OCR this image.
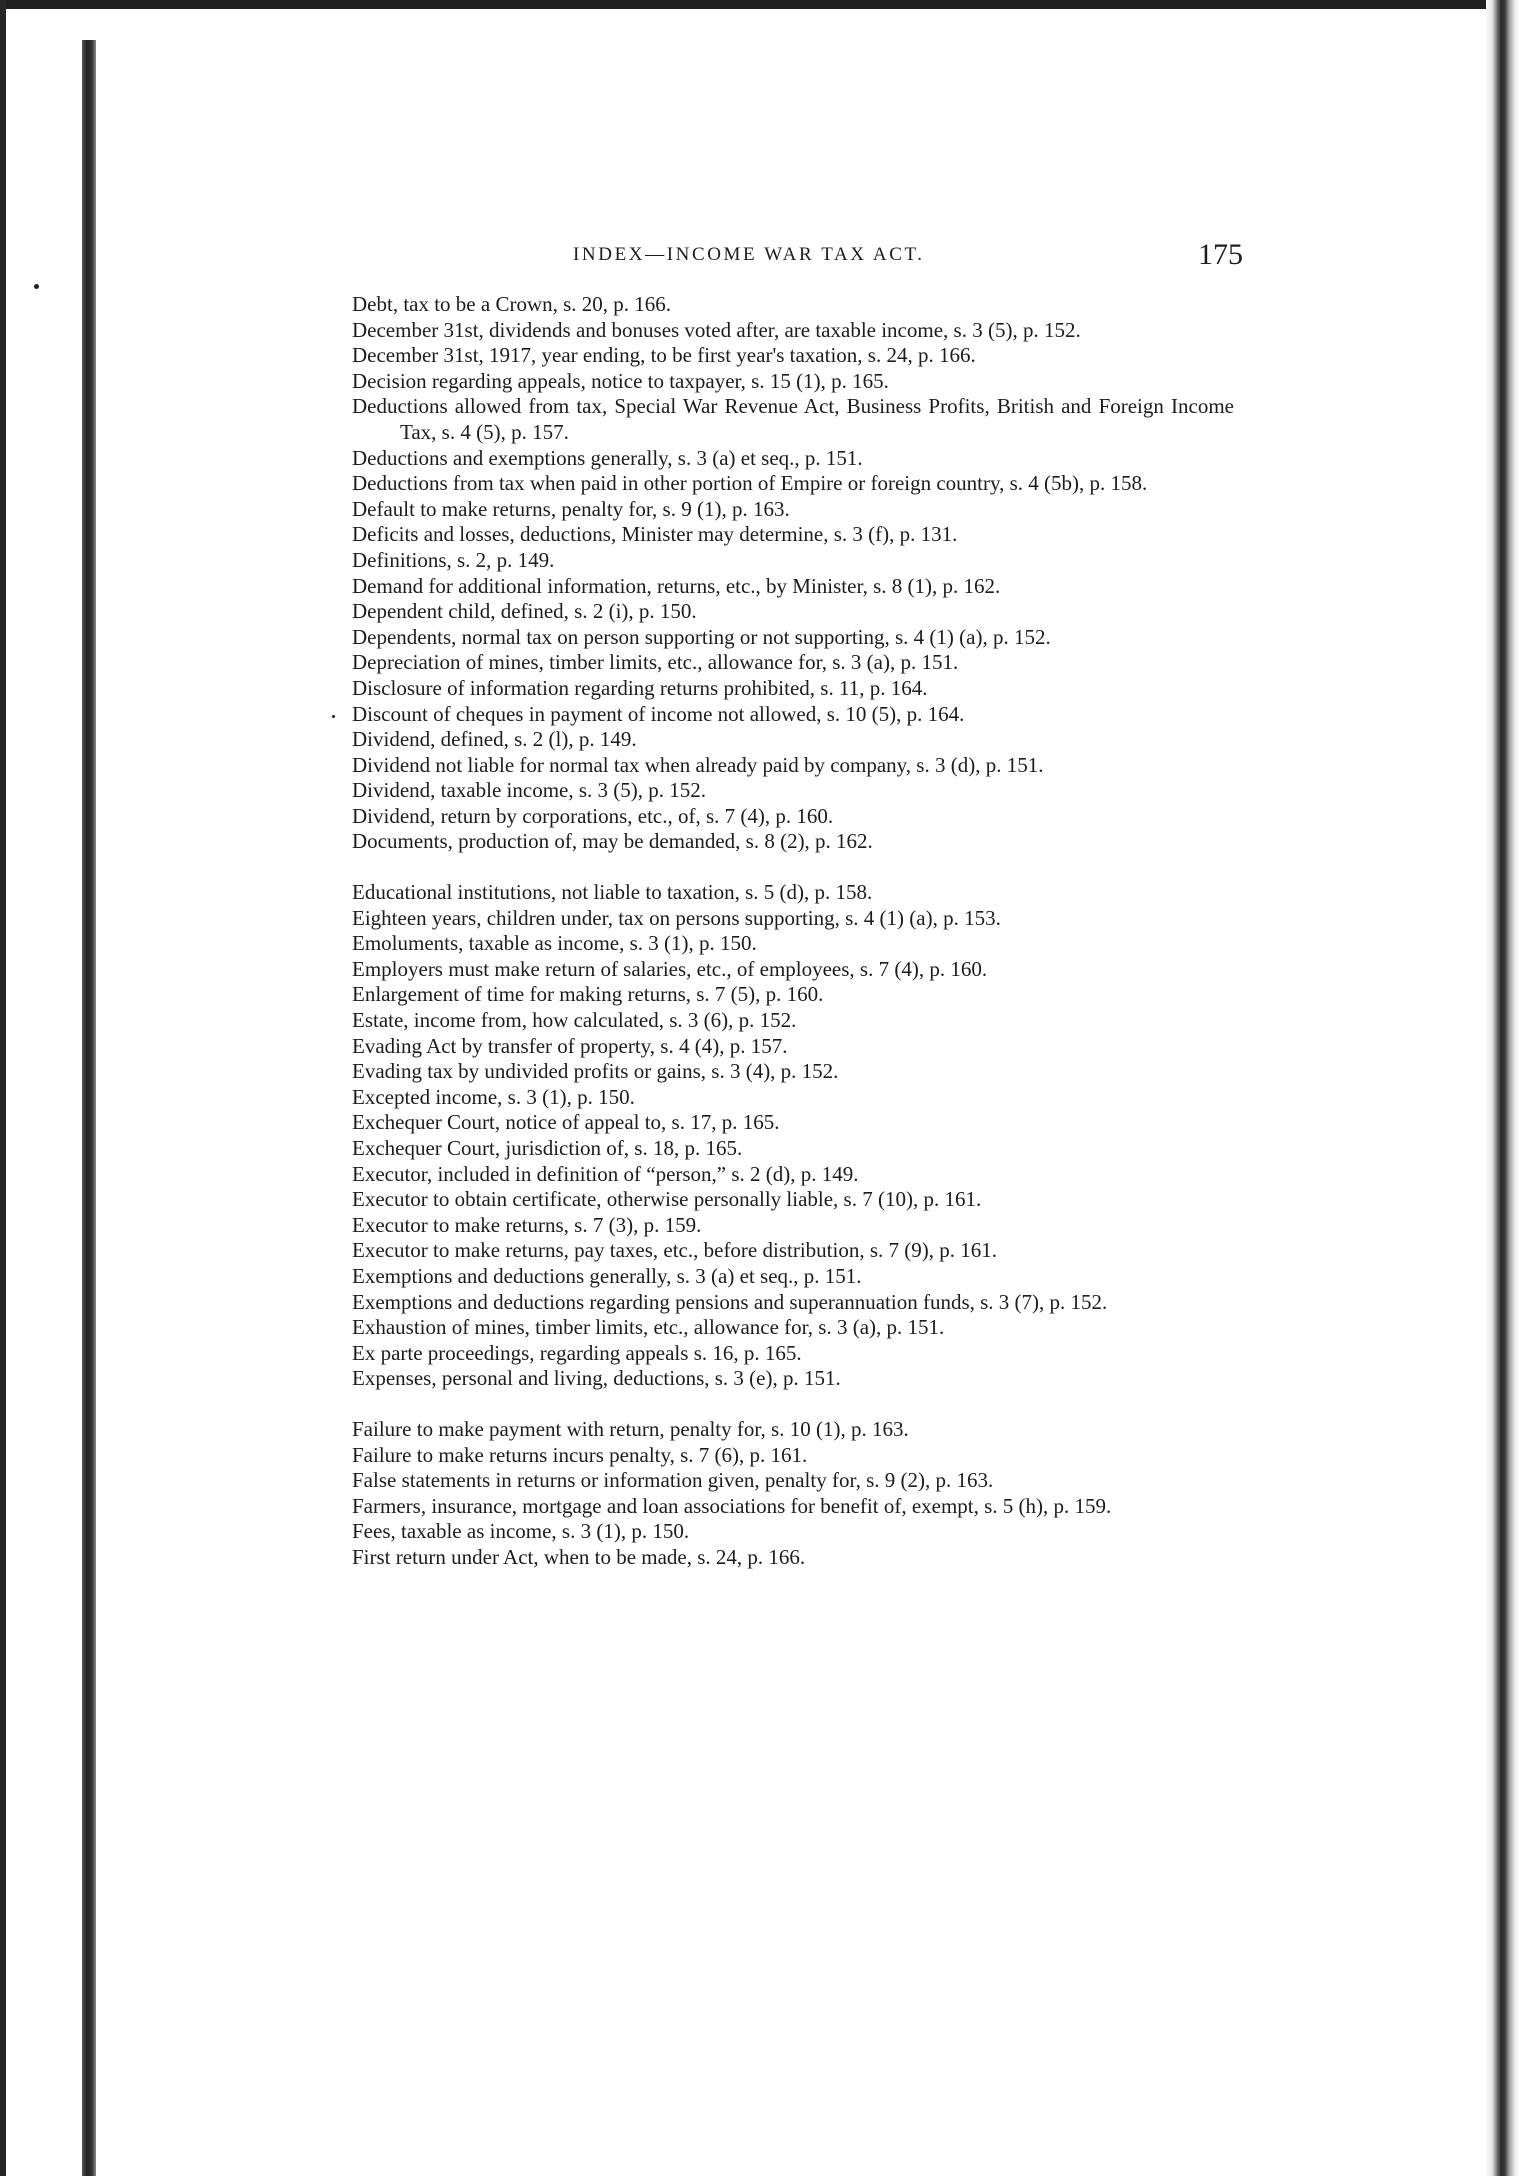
INDEX—INCOME WAR TAX ACT.	175
Debt, tax to be a Crown, s. 20, p. 166.
December 31st, dividends and bonuses voted after, are taxable income, s. 3 (5), p. 152.
December 31st, 1917, year ending, to be first year's taxation, s. 24, p. 166.
Decision regarding appeals, notice to taxpayer, s. 15 (1), p. 165.
Deductions allowed from tax, Special War Revenue Act, Business Profits, British and Foreign Income Tax, s. 4 (5), p. 157.
Deductions and exemptions generally, s. 3 (a) et seq., p. 151.
Deductions from tax when paid in other portion of Empire or foreign country, s. 4 (5b), p. 158.
Default to make returns, penalty for, s. 9 (1), p. 163.
Deficits and losses, deductions, Minister may determine, s. 3 (f), p. 131.
Definitions, s. 2, p. 149.
Demand for additional information, returns, etc., by Minister, s. 8 (1), p. 162.
Dependent child, defined, s. 2 (i), p. 150.
Dependents, normal tax on person supporting or not supporting, s. 4 (1) (a), p. 152.
Depreciation of mines, timber limits, etc., allowance for, s. 3 (a), p. 151.
Disclosure of information regarding returns prohibited, s. 11, p. 164.
Discount of cheques in payment of income not allowed, s. 10 (5), p. 164.
Dividend, defined, s. 2 (l), p. 149.
Dividend not liable for normal tax when already paid by company, s. 3 (d), p. 151.
Dividend, taxable income, s. 3 (5), p. 152.
Dividend, return by corporations, etc., of, s. 7 (4), p. 160.
Documents, production of, may be demanded, s. 8 (2), p. 162.
Educational institutions, not liable to taxation, s. 5 (d), p. 158.
Eighteen years, children under, tax on persons supporting, s. 4 (1) (a), p. 153.
Emoluments, taxable as income, s. 3 (1), p. 150.
Employers must make return of salaries, etc., of employees, s. 7 (4), p. 160.
Enlargement of time for making returns, s. 7 (5), p. 160.
Estate, income from, how calculated, s. 3 (6), p. 152.
Evading Act by transfer of property, s. 4 (4), p. 157.
Evading tax by undivided profits or gains, s. 3 (4), p. 152.
Excepted income, s. 3 (1), p. 150.
Exchequer Court, notice of appeal to, s. 17, p. 165.
Exchequer Court, jurisdiction of, s. 18, p. 165.
Executor, included in definition of “person,” s. 2 (d), p. 149.
Executor to obtain certificate, otherwise personally liable, s. 7 (10), p. 161.
Executor to make returns, s. 7 (3), p. 159.
Executor to make returns, pay taxes, etc., before distribution, s. 7 (9), p. 161.
Exemptions and deductions generally, s. 3 (a) et seq., p. 151.
Exemptions and deductions regarding pensions and superannuation funds, s. 3 (7), p. 152.
Exhaustion of mines, timber limits, etc., allowance for, s. 3 (a), p. 151.
Ex parte proceedings, regarding appeals s. 16, p. 165.
Expenses, personal and living, deductions, s. 3 (e), p. 151.
Failure to make payment with return, penalty for, s. 10 (1), p. 163.
Failure to make returns incurs penalty, s. 7 (6), p. 161.
False statements in returns or information given, penalty for, s. 9 (2), p. 163.
Farmers, insurance, mortgage and loan associations for benefit of, exempt, s. 5 (h), p. 159.
Fees, taxable as income, s. 3 (1), p. 150.
First return under Act, when to be made, s. 24, p. 166.
